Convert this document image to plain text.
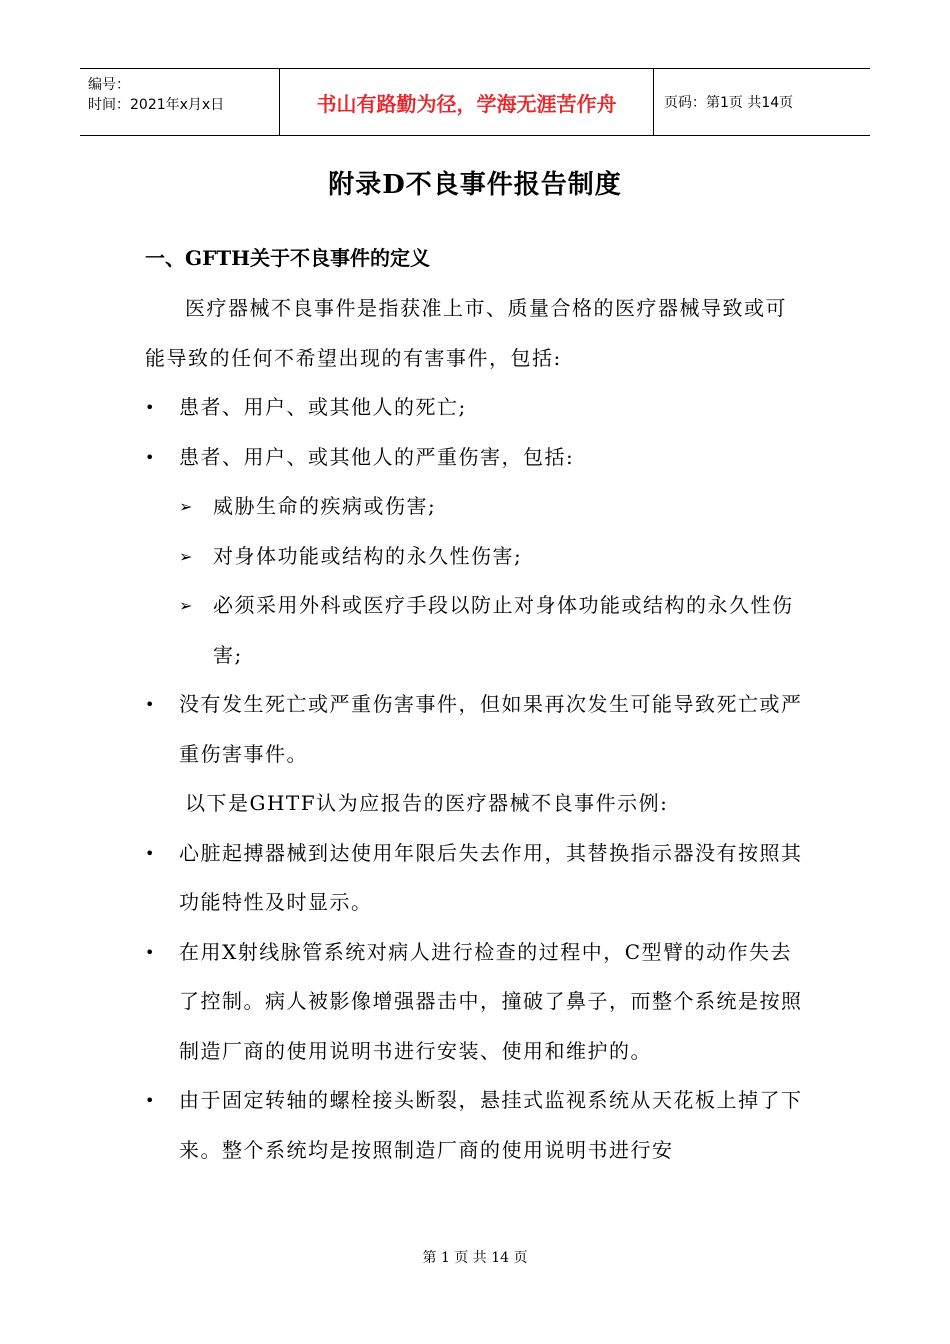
编号：
时间：2021年x月x日	书山有路勤为径，学海无涯苦作舟	页码：第1页 共14页
附录D不良事件报告制度
一、GFTH关于不良事件的定义

医疗器械不良事件是指获准上市、质量合格的医疗器械导致或可能导致的任何不希望出现的有害事件，包括:

•	患者、用户、或其他人的死亡;

•	患者、用户、或其他人的严重伤害，包括:

➢ 威胁生命的疾病或伤害;

➢ 对身体功能或结构的永久性伤害;

➢ 必须采用外科或医疗手段以防止对身体功能或结构的永久性伤害;

•	没有发生死亡或严重伤害事件，但如果再次发生可能导致死亡或严重伤害事件。

以下是GHTF认为应报告的医疗器械不良事件示例:

•	心脏起搏器械到达使用年限后失去作用，其替换指示器没有按照其功能特性及时显示。

•	在用X射线脉管系统对病人进行检查的过程中，C型臂的动作失去了控制。病人被影像增强器击中，撞破了鼻子，而整个系统是按照制造厂商的使用说明书进行安装、使用和维护的。

•	由于固定转轴的螺栓接头断裂，悬挂式监视系统从天花板上掉了下来。整个系统均是按照制造厂商的使用说明书进行安

第 1 页 共 14 页
